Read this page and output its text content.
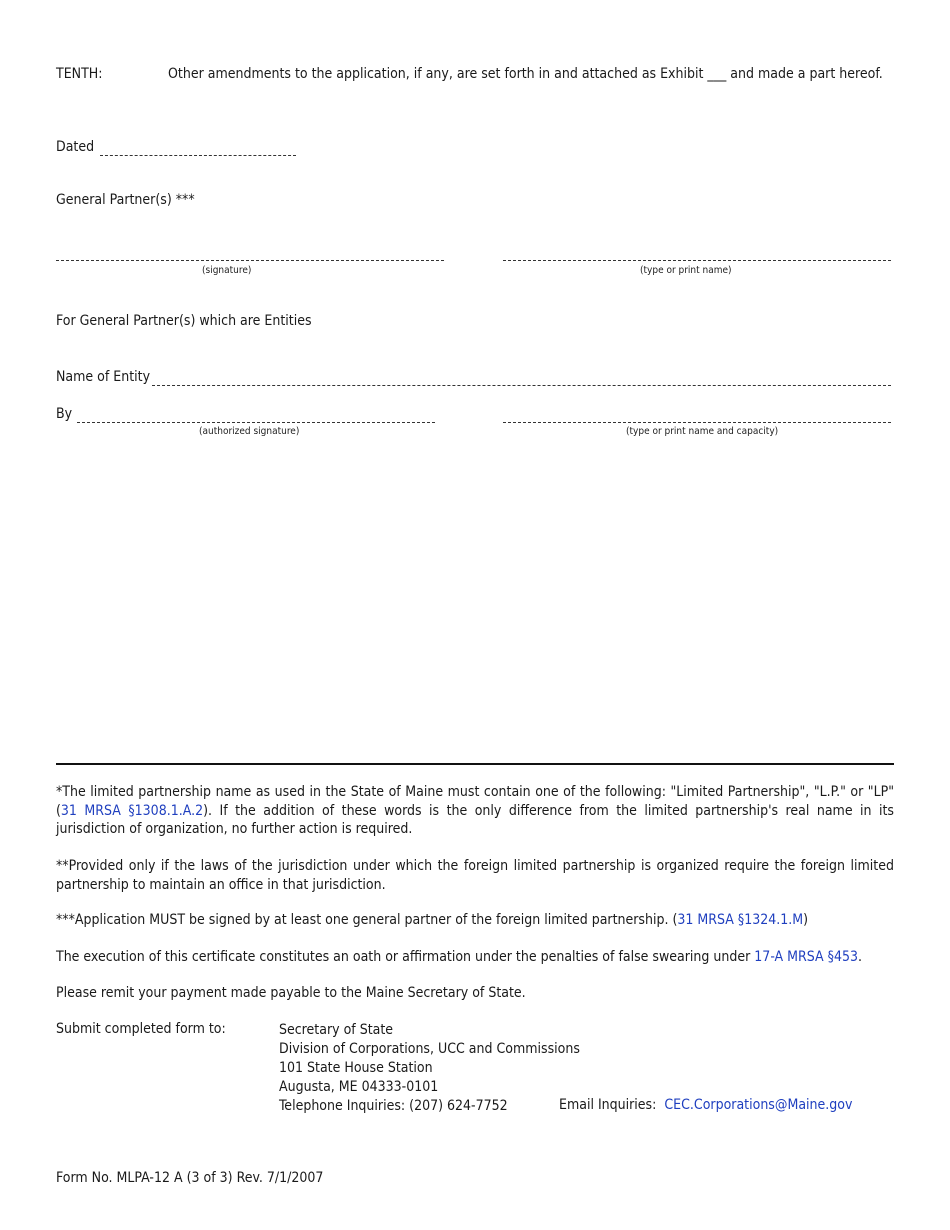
TENTH:	Other amendments to the application, if any, are set forth in and attached as Exhibit ___ and made a part hereof.
Dated
General Partner(s) ***
(signature)	(type or print name)
For General Partner(s) which are Entities
Name of Entity
By
(authorized signature)	(type or print name and capacity)
*The limited partnership name as used in the State of Maine must contain one of the following: "Limited Partnership", "L.P." or "LP" (31 MRSA §1308.1.A.2). If the addition of these words is the only difference from the limited partnership's real name in its jurisdiction of organization, no further action is required.
**Provided only if the laws of the jurisdiction under which the foreign limited partnership is organized require the foreign limited partnership to maintain an office in that jurisdiction.
***Application MUST be signed by at least one general partner of the foreign limited partnership. (31 MRSA §1324.1.M)
The execution of this certificate constitutes an oath or affirmation under the penalties of false swearing under 17-A MRSA §453.
Please remit your payment made payable to the Maine Secretary of State.
Submit completed form to:	Secretary of State
Division of Corporations, UCC and Commissions
101 State House Station
Augusta, ME 04333-0101
Telephone Inquiries: (207) 624-7752	Email Inquiries: CEC.Corporations@Maine.gov
Form No. MLPA-12 A (3 of 3) Rev. 7/1/2007
